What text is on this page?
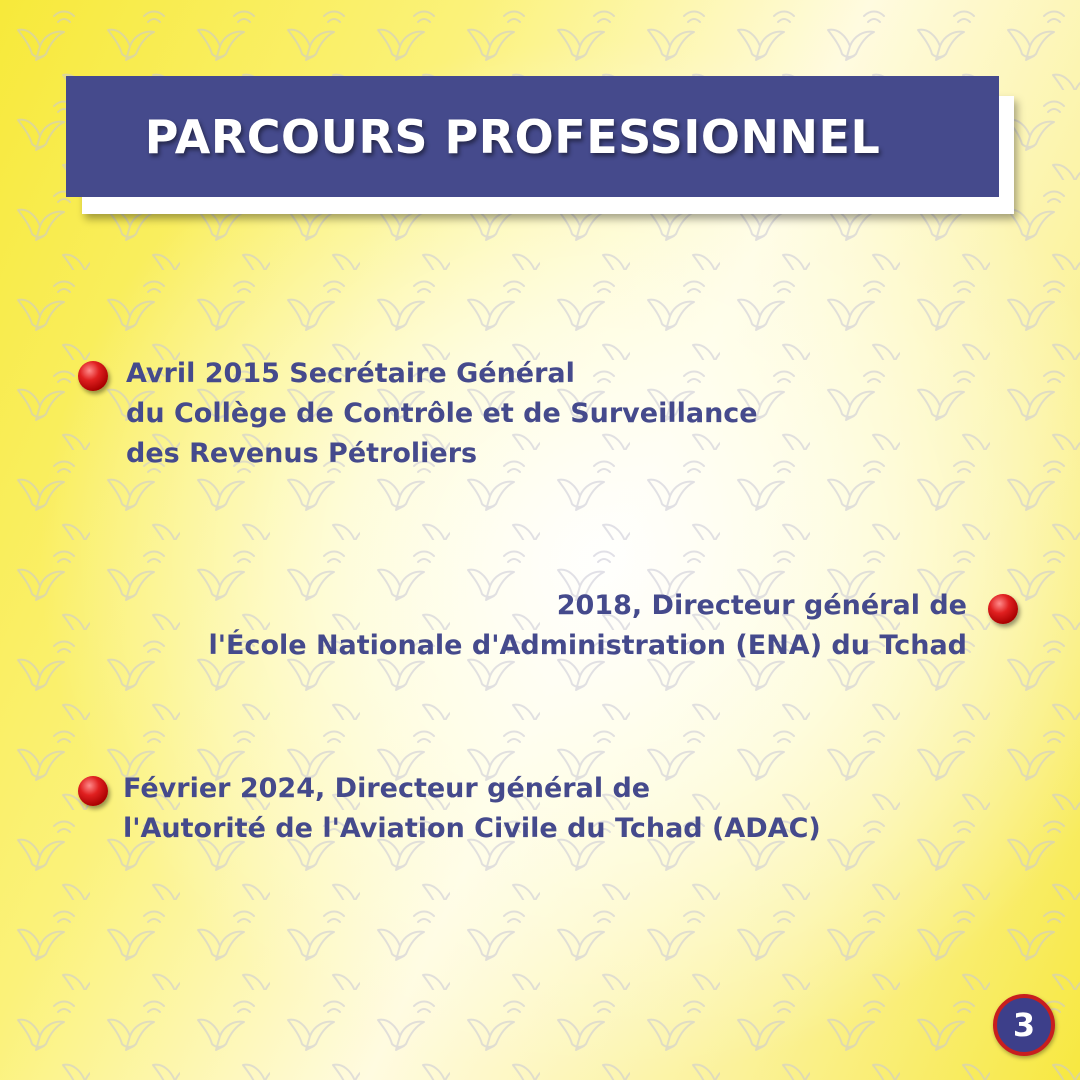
PARCOURS PROFESSIONNEL
Avril 2015 Secrétaire Général
du Collège de Contrôle et de Surveillance
des Revenus Pétroliers
2018, Directeur général de
l'École Nationale d'Administration (ENA) du Tchad
Février 2024, Directeur général de
l'Autorité de l'Aviation Civile du Tchad (ADAC)
3
